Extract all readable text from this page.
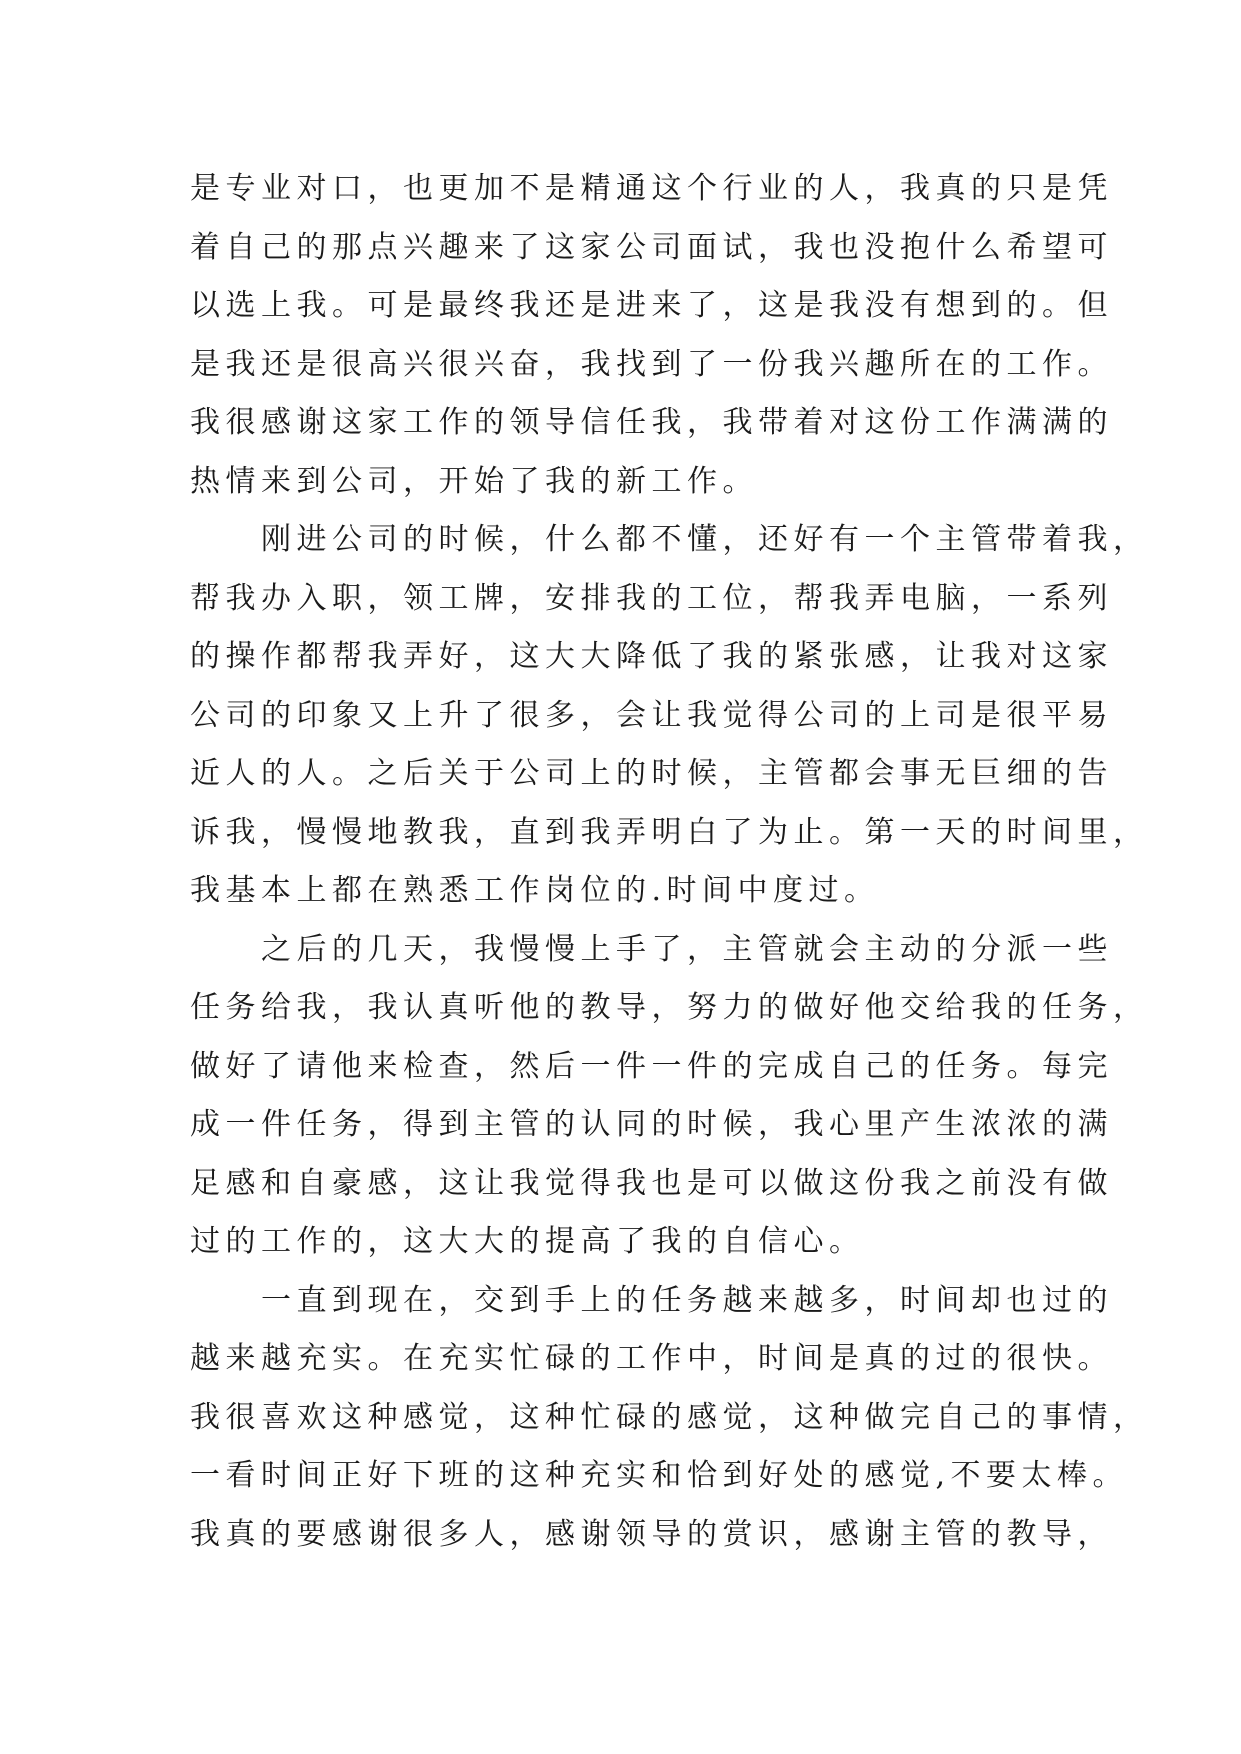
是专业对口，也更加不是精通这个行业的人，我真的只是凭
着自己的那点兴趣来了这家公司面试，我也没抱什么希望可
以选上我。可是最终我还是进来了，这是我没有想到的。但
是我还是很高兴很兴奋，我找到了一份我兴趣所在的工作。
我很感谢这家工作的领导信任我，我带着对这份工作满满的
热情来到公司，开始了我的新工作。
　　刚进公司的时候，什么都不懂，还好有一个主管带着我，
帮我办入职，领工牌，安排我的工位，帮我弄电脑，一系列
的操作都帮我弄好，这大大降低了我的紧张感，让我对这家
公司的印象又上升了很多，会让我觉得公司的上司是很平易
近人的人。之后关于公司上的时候，主管都会事无巨细的告
诉我，慢慢地教我，直到我弄明白了为止。第一天的时间里，
我基本上都在熟悉工作岗位的.时间中度过。
　　之后的几天，我慢慢上手了，主管就会主动的分派一些
任务给我，我认真听他的教导，努力的做好他交给我的任务，
做好了请他来检查，然后一件一件的完成自己的任务。每完
成一件任务，得到主管的认同的时候，我心里产生浓浓的满
足感和自豪感，这让我觉得我也是可以做这份我之前没有做
过的工作的，这大大的提高了我的自信心。
　　一直到现在，交到手上的任务越来越多，时间却也过的
越来越充实。在充实忙碌的工作中，时间是真的过的很快。
我很喜欢这种感觉，这种忙碌的感觉，这种做完自己的事情，
一看时间正好下班的这种充实和恰到好处的感觉,不要太棒。
我真的要感谢很多人，感谢领导的赏识，感谢主管的教导，
